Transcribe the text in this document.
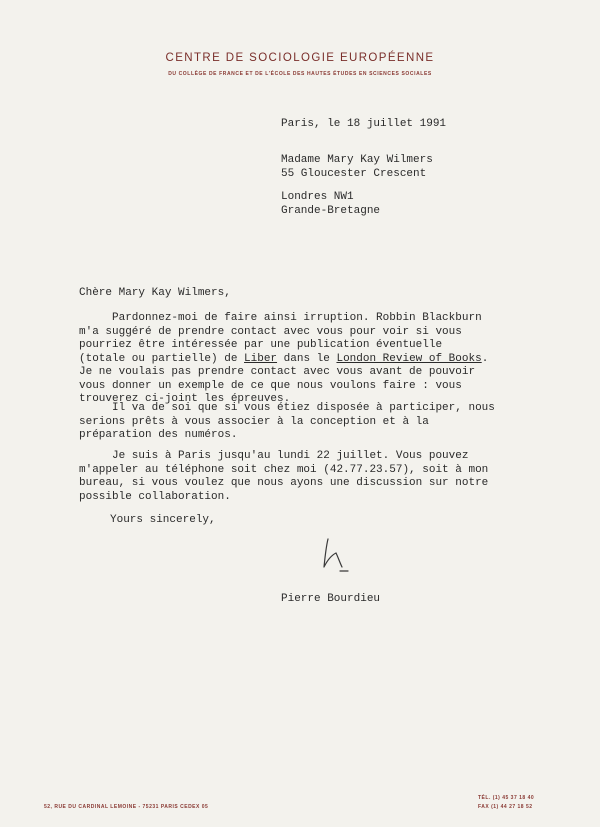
CENTRE DE SOCIOLOGIE EUROPÉENNE
DU COLLÈGE DE FRANCE ET DE L'ÉCOLE DES HAUTES ÉTUDES EN SCIENCES SOCIALES
Paris, le 18 juillet 1991
Madame Mary Kay Wilmers
55 Gloucester Crescent
Londres NW1
Grande-Bretagne
Chère Mary Kay Wilmers,
Pardonnez-moi de faire ainsi irruption. Robbin Blackburn
m'a suggéré de prendre contact avec vous pour voir si vous
pourriez être intéressée par une publication éventuelle
(totale ou partielle) de Liber dans le London Review of Books.
Je ne voulais pas prendre contact avec vous avant de pouvoir
vous donner un exemple de ce que nous voulons faire : vous
trouverez ci-joint les épreuves.
Il va de soi que si vous étiez disposée à participer, nous
serions prêts à vous associer à la conception et à la
préparation des numéros.
Je suis à Paris jusqu'au lundi 22 juillet. Vous pouvez
m'appeler au téléphone soit chez moi (42.77.23.57), soit à mon
bureau, si vous voulez que nous ayons une discussion sur notre
possible collaboration.
Yours sincerely,
Pierre Bourdieu
52, RUE DU CARDINAL LEMOINE - 75231 PARIS CEDEX 05
TÉL. (1) 45 37 18 40
FAX (1) 44 27 18 52
